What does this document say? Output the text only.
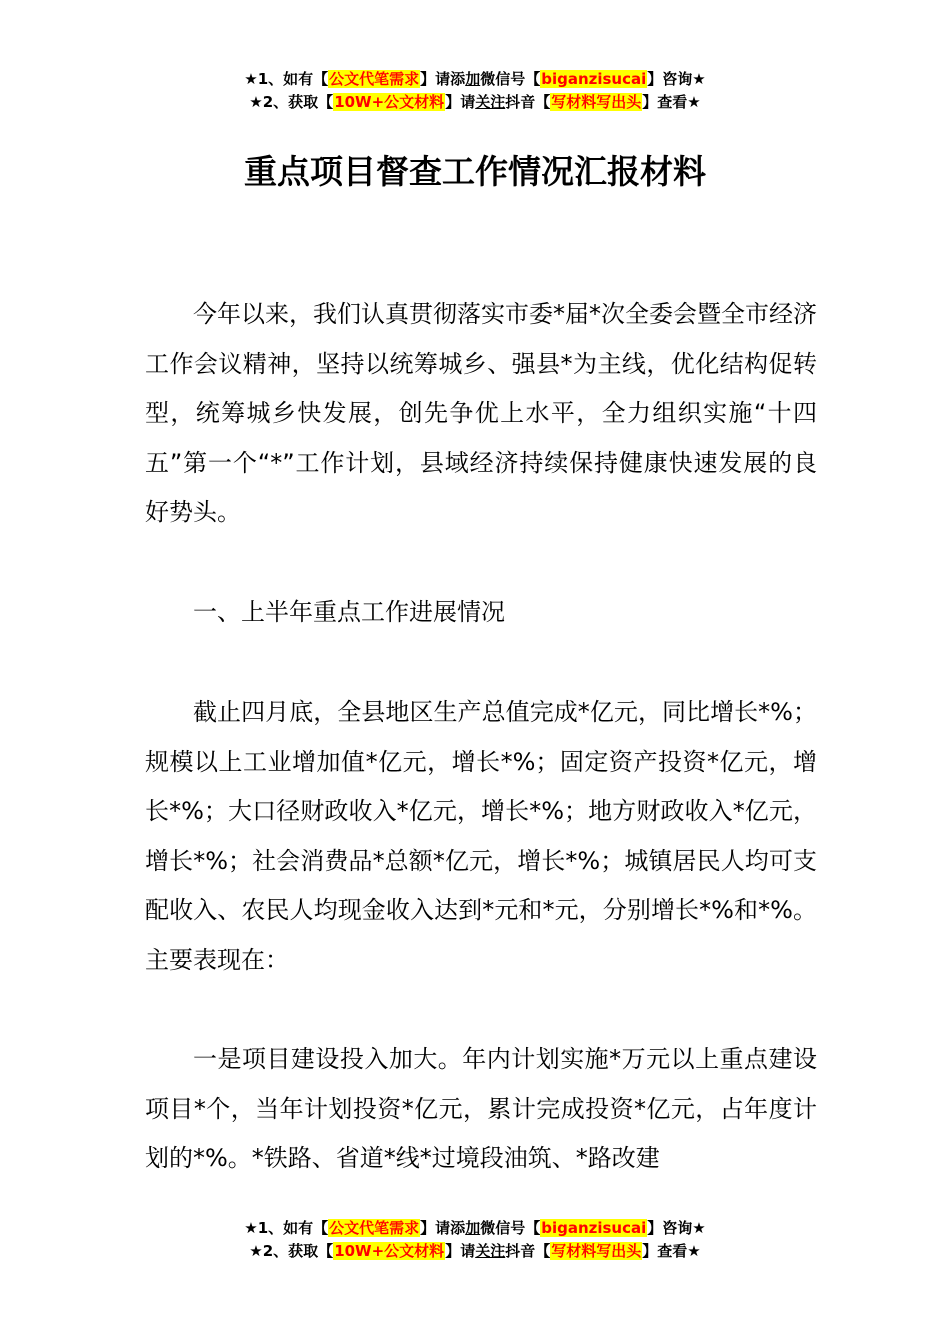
★1、如有【公文代笔需求】请添加微信号【biganzisucai】咨询★
★2、获取【10W+公文材料】请关注抖音【写材料写出头】查看★
重点项目督查工作情况汇报材料

今年以来，我们认真贯彻落实市委*届*次全委会暨全市经济工作会议精神，坚持以统筹城乡、强县*为主线，优化结构促转型，统筹城乡快发展，创先争优上水平，全力组织实施“十四五”第一个“*”工作计划，县域经济持续保持健康快速发展的良好势头。

一、上半年重点工作进展情况

截止四月底，全县地区生产总值完成*亿元，同比增长*%；规模以上工业增加值*亿元，增长*%；固定资产投资*亿元，增长*%；大口径财政收入*亿元，增长*%；地方财政收入*亿元，增长*%；社会消费品*总额*亿元，增长*%；城镇居民人均可支配收入、农民人均现金收入达到*元和*元，分别增长*%和*%。主要表现在：

一是项目建设投入加大。年内计划实施*万元以上重点建设项目*个，当年计划投资*亿元，累计完成投资*亿元，占年度计划的*%。*铁路、省道*线*过境段油筑、*路改建

★1、如有【公文代笔需求】请添加微信号【biganzisucai】咨询★
★2、获取【10W+公文材料】请关注抖音【写材料写出头】查看★
